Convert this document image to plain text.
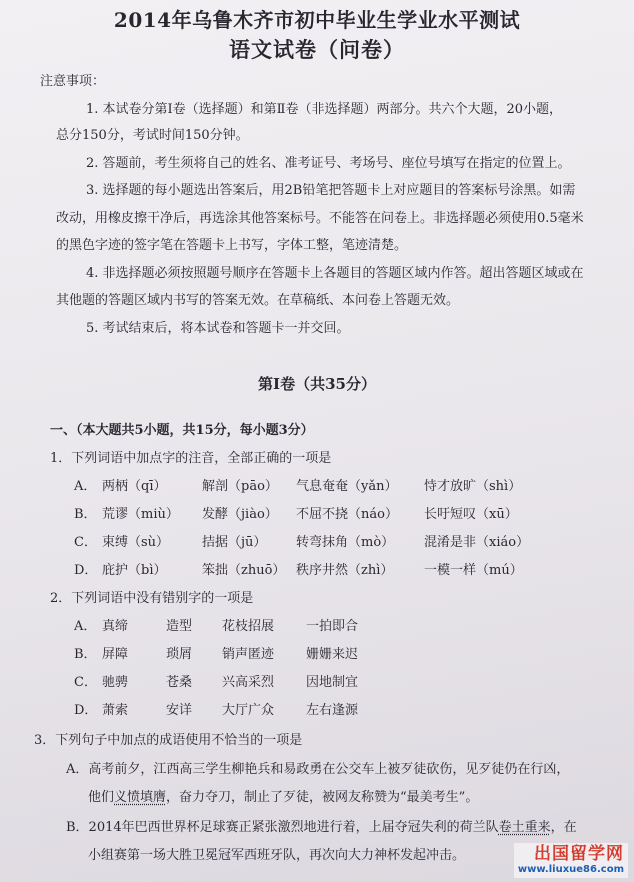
2014年乌鲁木齐市初中毕业生学业水平测试
语文试卷（问卷）
注意事项：
1. 本试卷分第Ⅰ卷（选择题）和第Ⅱ卷（非选择题）两部分。共六个大题，20小题，
总分150分，考试时间150分钟。
2. 答题前，考生须将自己的姓名、准考证号、考场号、座位号填写在指定的位置上。
3. 选择题的每小题选出答案后，用2B铅笔把答题卡上对应题目的答案标号涂黑。如需
改动，用橡皮擦干净后，再选涂其他答案标号。不能答在问卷上。非选择题必须使用0.5毫米
的黑色字迹的签字笔在答题卡上书写，字体工整，笔迹清楚。
4. 非选择题必须按照题号顺序在答题卡上各题目的答题区域内作答。超出答题区域或在
其他题的答题区域内书写的答案无效。在草稿纸、本问卷上答题无效。
5. 考试结束后，将本试卷和答题卡一并交回。
第Ⅰ卷（共35分）
一、（本大题共5小题，共15分，每小题3分）
1．下列词语中加点字的注音，全部正确的一项是
A． 两柄（qī）	解剖（pāo） 气息奄奄（yǎn） 恃才放旷（shì）
B． 荒谬（miù） 发酵（jiào） 不屈不挠（náo） 长吁短叹（xū）
C． 束缚（sù）	拮据（jū） 转弯抹角（mò） 混淆是非（xiáo）
D． 庇护（bì）	笨拙（zhuō） 秩序井然（zhì） 一模一样（mú）
2．下列词语中没有错别字的一项是
A． 真缔	造型 花枝招展 一拍即合
B． 屏障	琐屑 销声匿迹 姗姗来迟
C． 驰骋	苍桑 兴高采烈 因地制宜
D． 萧索	安详 大厅广众 左右逢源
3．下列句子中加点的成语使用不恰当的一项是
A．高考前夕，江西高三学生柳艳兵和易政勇在公交车上被歹徒砍伤，见歹徒仍在行凶，
他们义愤填膺，奋力夺刀，制止了歹徒，被网友称赞为“最美考生”。
B．2014年巴西世界杯足球赛正紧张激烈地进行着，上届夺冠失利的荷兰队卷土重来，在
小组赛第一场大胜卫冕冠军西班牙队，再次向大力神杯发起冲击。	出国留学网
www.liuxue86.com
